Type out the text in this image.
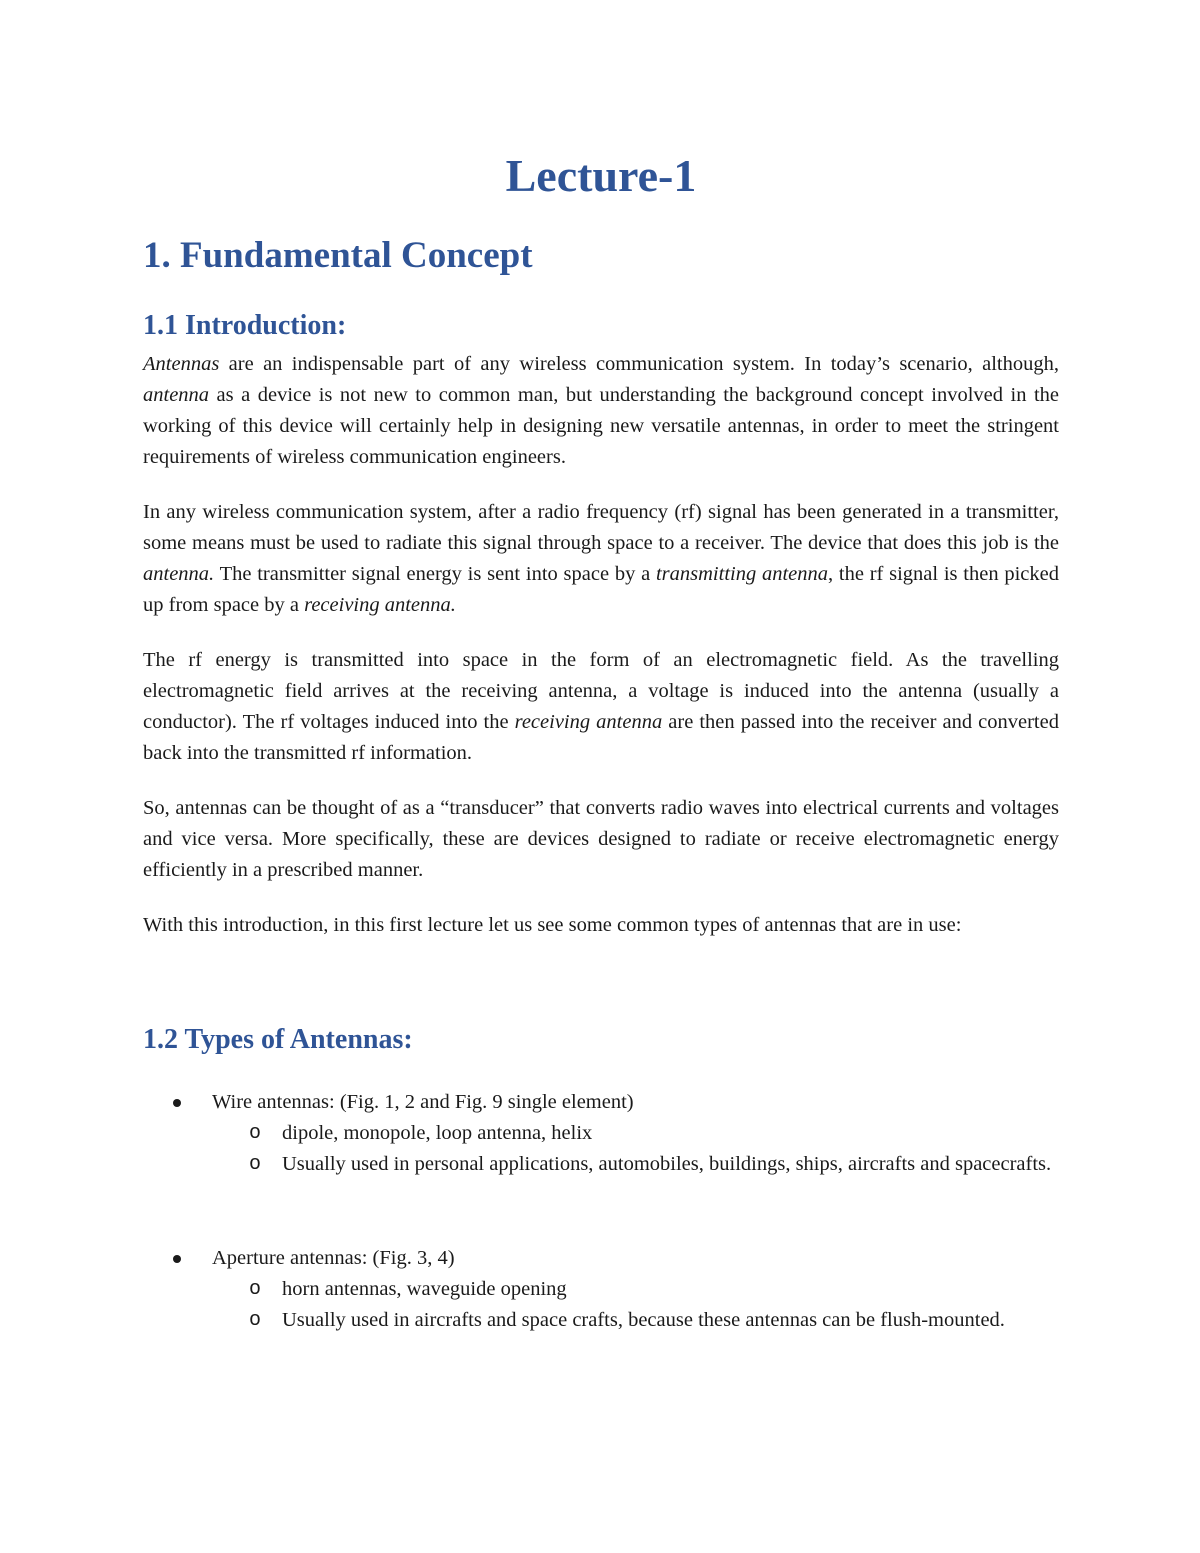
Lecture-1
1. Fundamental Concept
1.1 Introduction:

Antennas are an indispensable part of any wireless communication system. In today’s scenario, although, antenna as a device is not new to common man, but understanding the background concept involved in the working of this device will certainly help in designing new versatile antennas, in order to meet the stringent requirements of wireless communication engineers.

In any wireless communication system, after a radio frequency (rf) signal has been generated in a transmitter, some means must be used to radiate this signal through space to a receiver. The device that does this job is the antenna. The transmitter signal energy is sent into space by a transmitting antenna, the rf signal is then picked up from space by a receiving antenna.

The rf energy is transmitted into space in the form of an electromagnetic field. As the travelling electromagnetic field arrives at the receiving antenna, a voltage is induced into the antenna (usually a conductor). The rf voltages induced into the receiving antenna are then passed into the receiver and converted back into the transmitted rf information.

So, antennas can be thought of as a “transducer” that converts radio waves into electrical currents and voltages and vice versa. More specifically, these are devices designed to radiate or receive electromagnetic energy efficiently in a prescribed manner.

With this introduction, in this first lecture let us see some common types of antennas that are in use:

1.2 Types of Antennas:
Wire antennas: (Fig. 1, 2 and Fig. 9 single element)
o dipole, monopole, loop antenna, helix
o Usually used in personal applications, automobiles, buildings, ships, aircrafts and spacecrafts.
Aperture antennas: (Fig. 3, 4)
o horn antennas, waveguide opening
o Usually used in aircrafts and space crafts, because these antennas can be flush-mounted.
